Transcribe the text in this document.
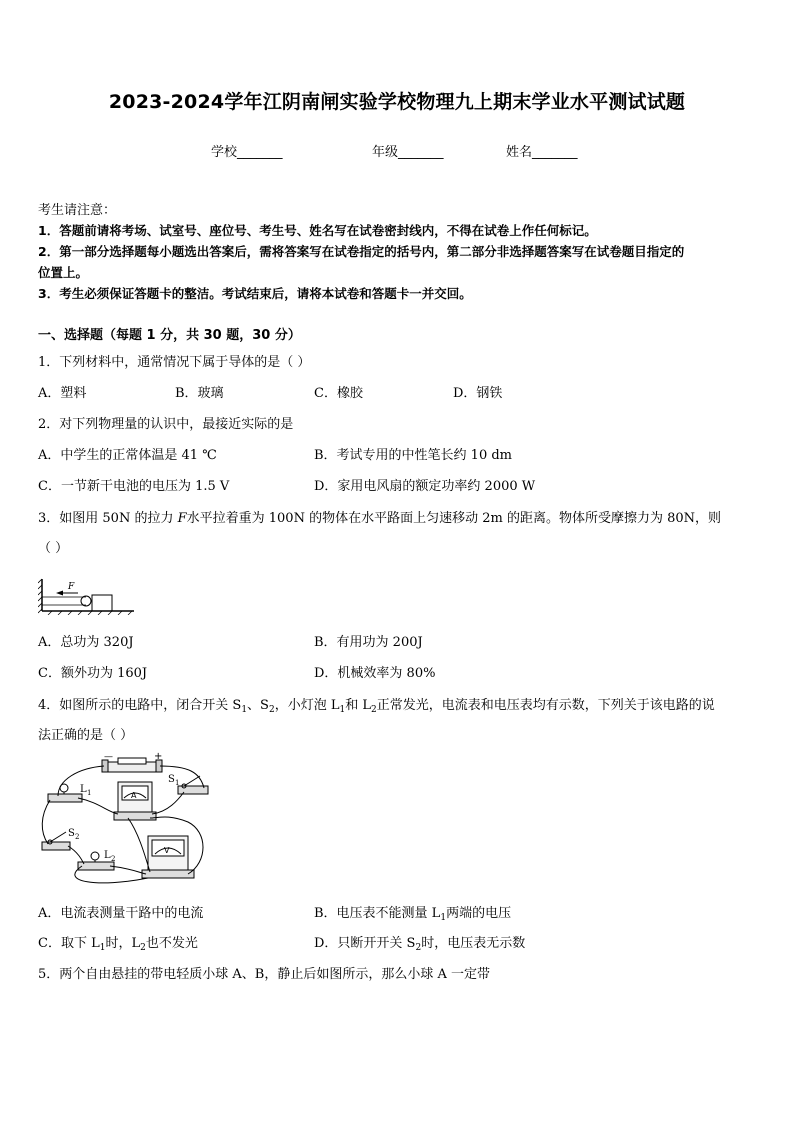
2023-2024学年江阴南闸实验学校物理九上期末学业水平测试试题
学校_______	年级_______	姓名_______
考生请注意：
1．答题前请将考场、试室号、座位号、考生号、姓名写在试卷密封线内，不得在试卷上作任何标记。
2．第一部分选择题每小题选出答案后，需将答案写在试卷指定的括号内，第二部分非选择题答案写在试卷题目指定的
位置上。
3．考生必须保证答题卡的整洁。考试结束后，请将本试卷和答题卡一并交回。
一、选择题（每题 1 分，共 30 题，30 分）
1．下列材料中，通常情况下属于导体的是（ ）
A．塑料	B．玻璃	C．橡胶	D．钢铁
2．对下列物理量的认识中，最接近实际的是
A．中学生的正常体温是 41 ℃	B．考试专用的中性笔长约 10 dm
C．一节新干电池的电压为 1.5 V	D．家用电风扇的额定功率约 2000 W
3．如图用 50N 的拉力 F水平拉着重为 100N 的物体在水平路面上匀速移动 2m 的距离。物体所受摩擦力为 80N，则
（ ）
F
A．总功为 320J	B．有用功为 200J
C．额外功为 160J	D．机械效率为 80%
4．如图所示的电路中，闭合开关 $S_1$、$S_2$，小灯泡 $L_1$和 $L_2$正常发光，电流表和电压表均有示数，下列关于该电路的说
法正确的是（ ）
—	+
S 1
L 1
S 2
L 2
A
V
A．电流表测量干路中的电流	B．电压表不能测量 $L_1$两端的电压
C．取下 $L_1$时，$L_2$也不发光	D．只断开开关 $S_2$时，电压表无示数
5．两个自由悬挂的带电轻质小球 A、B，静止后如图所示，那么小球 A 一定带
